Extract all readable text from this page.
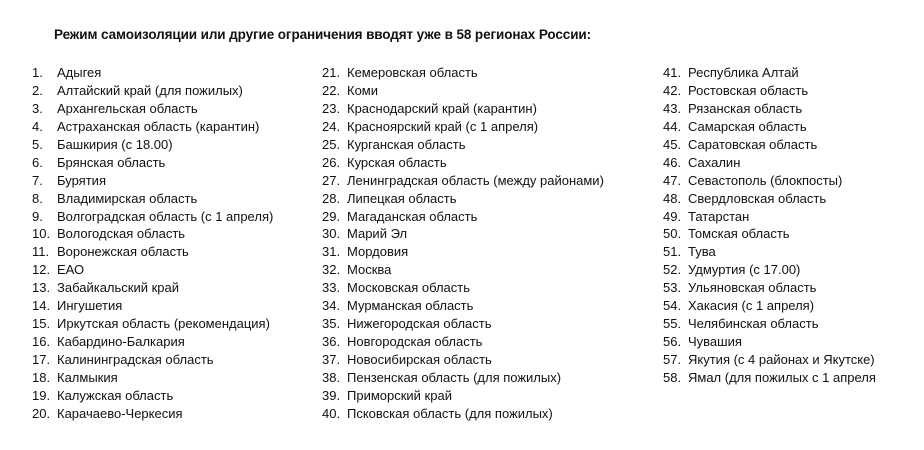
Режим самоизоляции или другие ограничения вводят уже в 58 регионах России:
1.	Адыгея
2.	Алтайский край (для пожилых)
3.	Архангельская область
4.	Астраханская область (карантин)
5.	Башкирия (с 18.00)
6.	Брянская область
7.	Бурятия
8.	Владимирская область
9.	Волгоградская область (с 1 апреля)
10. Вологодская область
11. Воронежская область
12. ЕАО
13. Забайкальский край
14. Ингушетия
15. Иркутская область (рекомендация)
16. Кабардино-Балкария
17. Калининградская область
18. Калмыкия
19. Калужская область
20. Карачаево-Черкесия
21. Кемеровская область
22. Коми
23. Краснодарский край (карантин)
24. Красноярский край (с 1 апреля)
25. Курганская область
26. Курская область
27. Ленинградская область (между районами)
28. Липецкая область
29. Магаданская область
30. Марий Эл
31. Мордовия
32. Москва
33. Московская область
34. Мурманская область
35. Нижегородская область
36. Новгородская область
37. Новосибирская область
38. Пензенская область (для пожилых)
39. Приморский край
40. Псковская область (для пожилых)
41. Республика Алтай
42. Ростовская область
43. Рязанская область
44. Самарская область
45. Саратовская область
46. Сахалин
47. Севастополь (блокпосты)
48. Свердловская область
49. Татарстан
50. Томская область
51. Тува
52. Удмуртия (с 17.00)
53. Ульяновская область
54. Хакасия (с 1 апреля)
55. Челябинская область
56. Чувашия
57. Якутия (с 4 районах и Якутске)
58. Ямал (для пожилых с 1 апреля
